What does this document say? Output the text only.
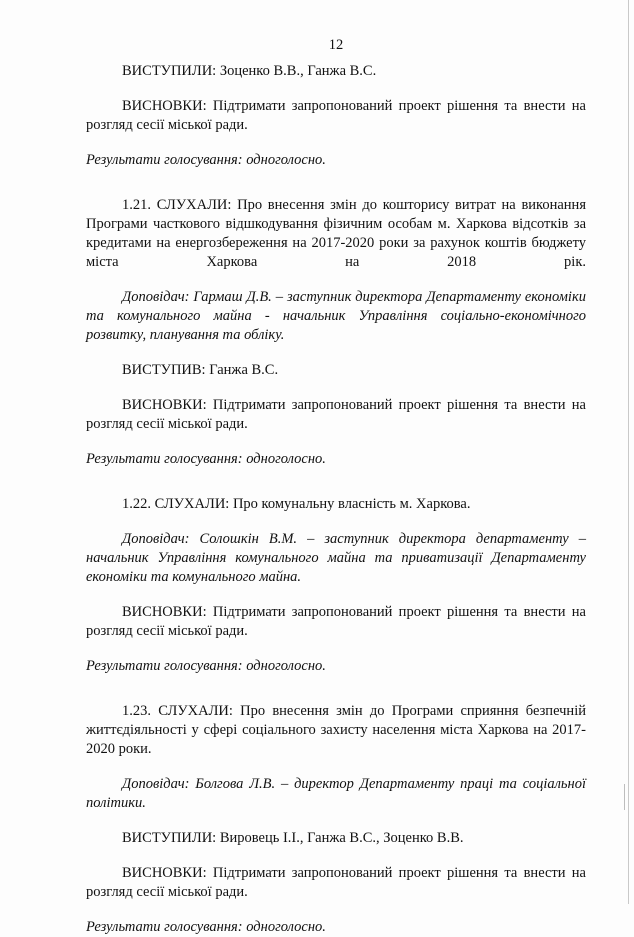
12

ВИСТУПИЛИ: Зоценко В.В., Ганжа В.С.

ВИСНОВКИ: Підтримати запропонований проект рішення та внести на розгляд сесії міської ради.

Результати голосування: одноголосно.

1.21. СЛУХАЛИ: Про внесення змін до кошторису витрат на виконання Програми часткового відшкодування фізичним особам м. Харкова відсотків за кредитами на енергозбереження на 2017-2020 роки за рахунок коштів бюджету міста Харкова на 2018 рік.

Доповідач: Гармаш Д.В. – заступник директора Департаменту економіки та комунального майна - начальник Управління соціально-економічного розвитку, планування та обліку.

ВИСТУПИВ: Ганжа В.С.

ВИСНОВКИ: Підтримати запропонований проект рішення та внести на розгляд сесії міської ради.

Результати голосування: одноголосно.

1.22. СЛУХАЛИ: Про комунальну власність м. Харкова.

Доповідач: Солошкін В.М. – заступник директора департаменту – начальник Управління комунального майна та приватизації Департаменту економіки та комунального майна.

ВИСНОВКИ: Підтримати запропонований проект рішення та внести на розгляд сесії міської ради.

Результати голосування: одноголосно.

1.23. СЛУХАЛИ: Про внесення змін до Програми сприяння безпечній життєдіяльності у сфері соціального захисту населення міста Харкова на 2017-2020 роки.

Доповідач: Болгова Л.В. – директор Департаменту праці та соціальної політики.

ВИСТУПИЛИ: Вировець І.І., Ганжа В.С., Зоценко В.В.

ВИСНОВКИ: Підтримати запропонований проект рішення та внести на розгляд сесії міської ради.

Результати голосування: одноголосно.
